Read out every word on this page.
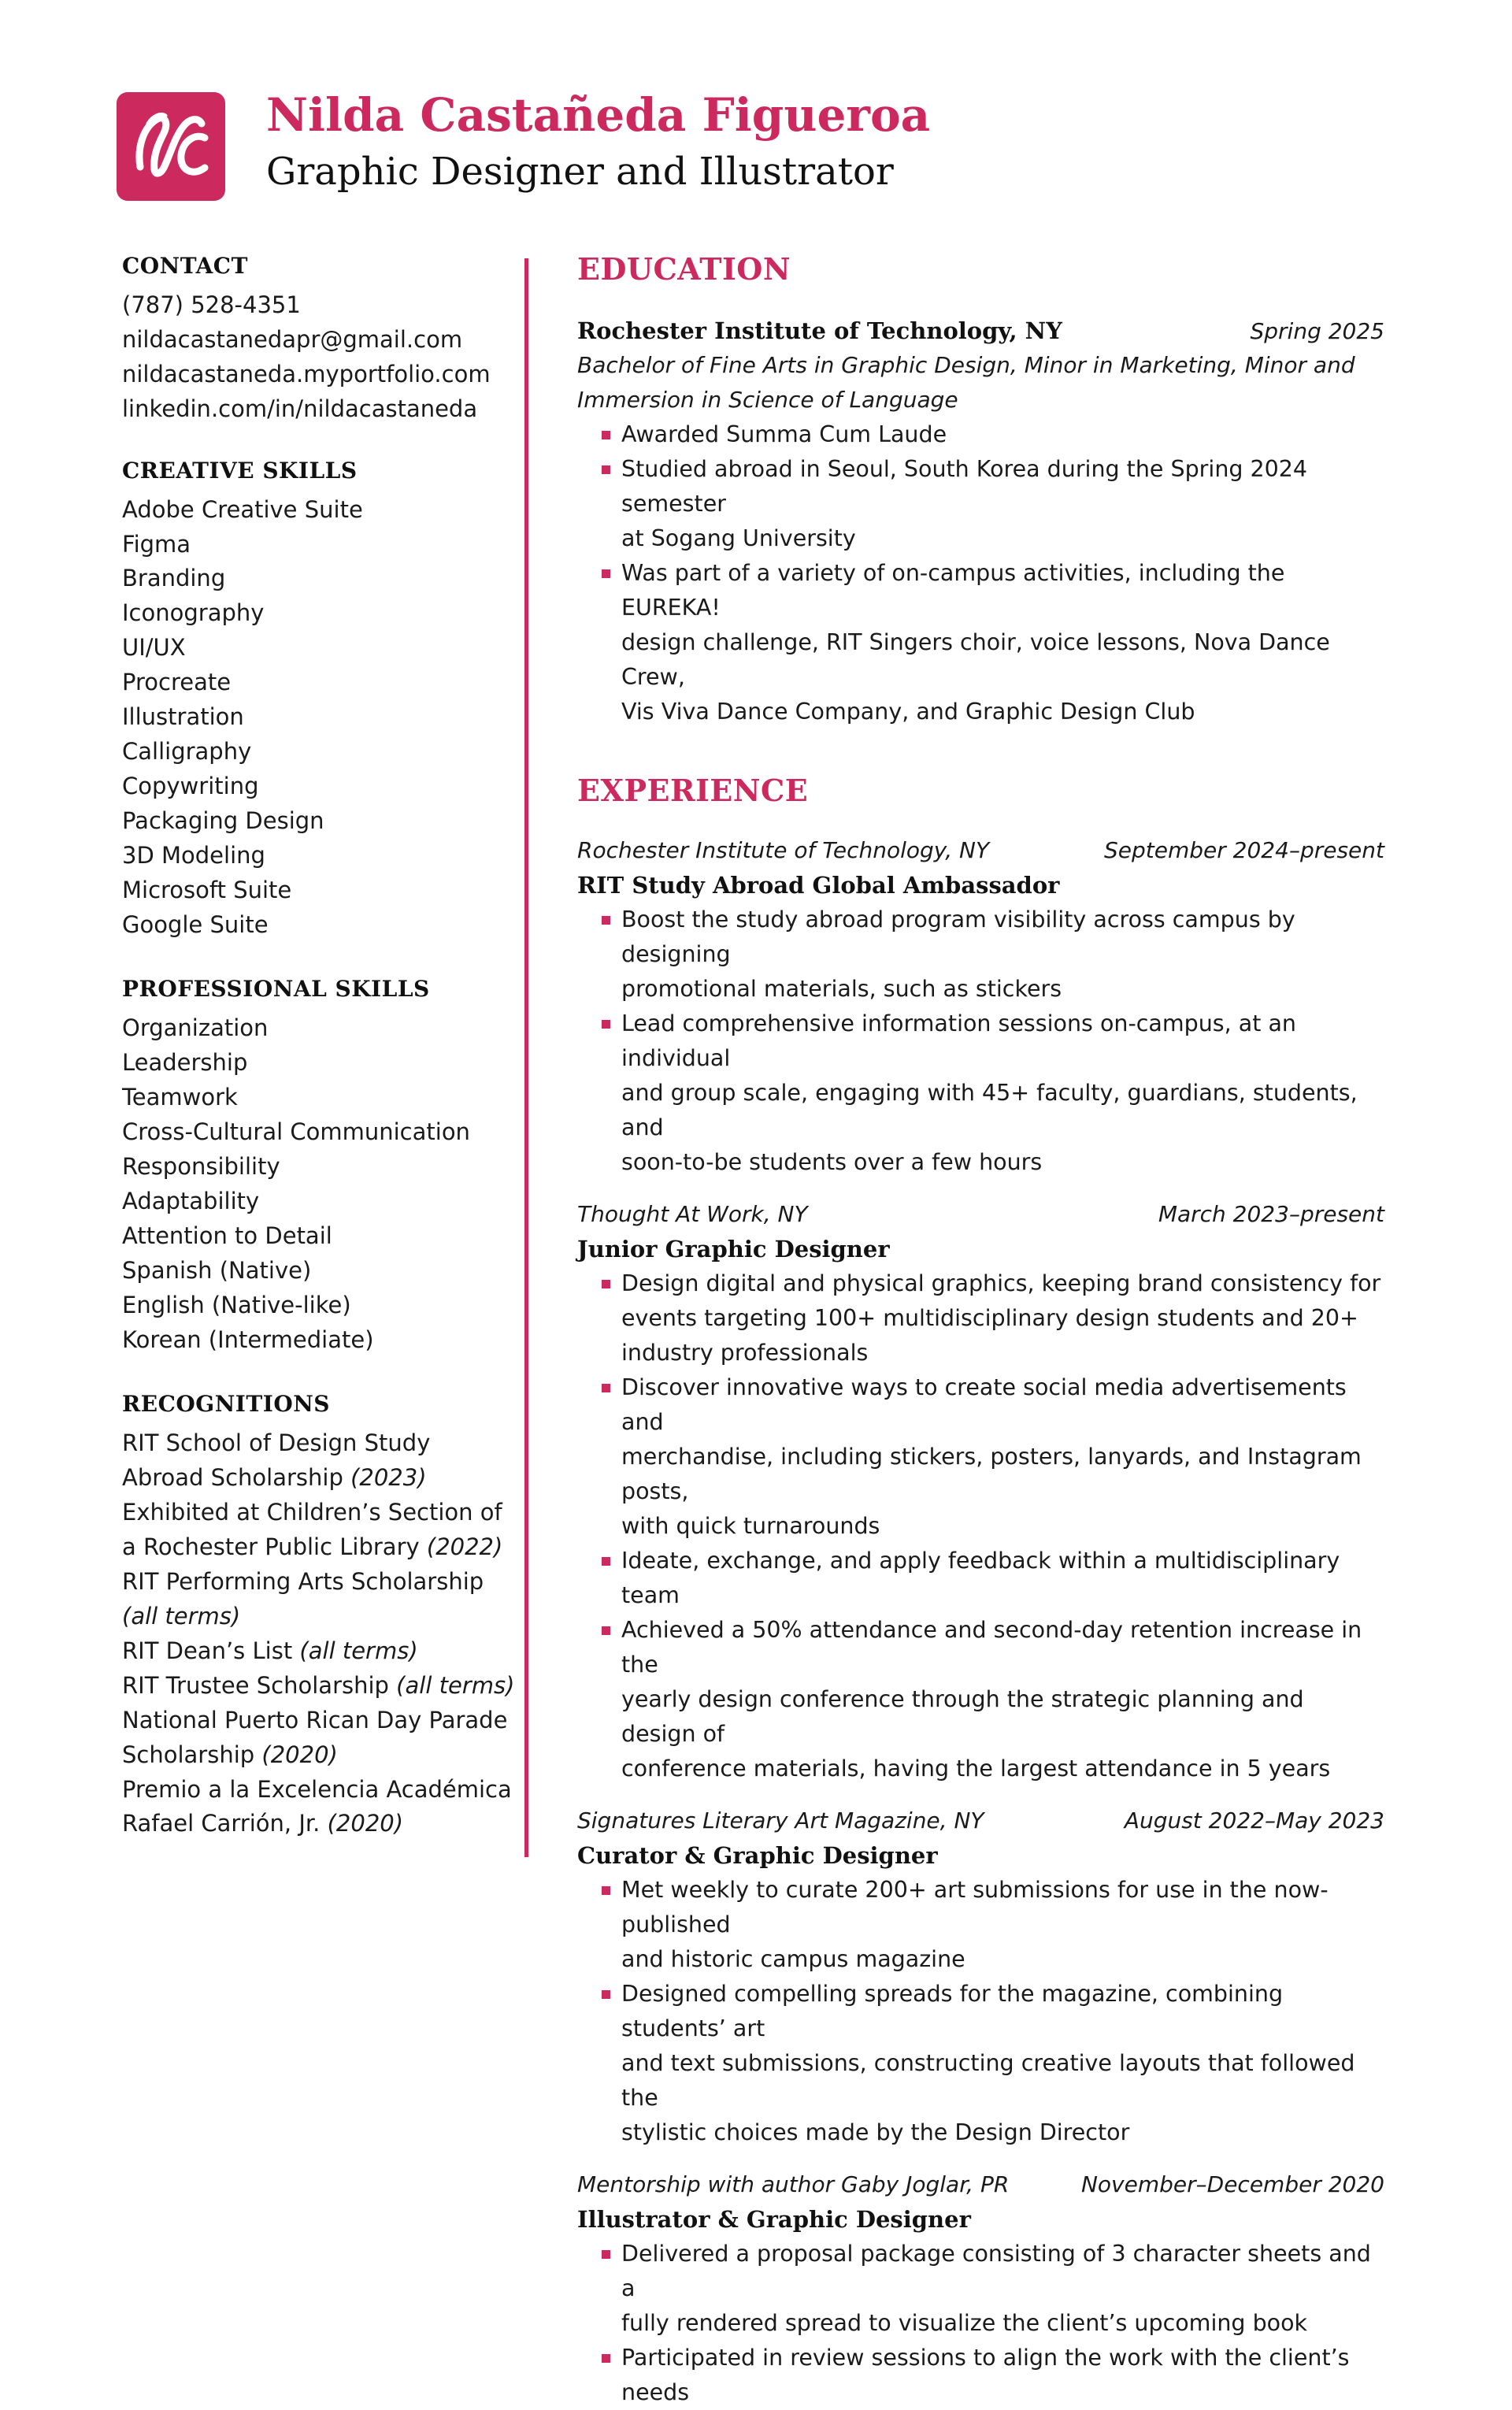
Nilda Castañeda Figueroa
Graphic Designer and Illustrator
CONTACT
(787) 528-4351
nildacastanedapr@gmail.com
nildacastaneda.myportfolio.com
linkedin.com/in/nildacastaneda
CREATIVE SKILLS
Adobe Creative Suite
Figma
Branding
Iconography
UI/UX
Procreate
Illustration
Calligraphy
Copywriting
Packaging Design
3D Modeling
Microsoft Suite
Google Suite
PROFESSIONAL SKILLS
Organization
Leadership
Teamwork
Cross-Cultural Communication
Responsibility
Adaptability
Attention to Detail
Spanish (Native)
English (Native-like)
Korean (Intermediate)
RECOGNITIONS
RIT School of Design Study
Abroad Scholarship (2023)
Exhibited at Children’s Section of
a Rochester Public Library (2022)
RIT Performing Arts Scholarship
(all terms)
RIT Dean’s List (all terms)
RIT Trustee Scholarship (all terms)
National Puerto Rican Day Parade
Scholarship (2020)
Premio a la Excelencia Académica
Rafael Carrión, Jr. (2020)
EDUCATION
Rochester Institute of Technology, NY	Spring 2025
Bachelor of Fine Arts in Graphic Design, Minor in Marketing, Minor and
Immersion in Science of Language
Awarded Summa Cum Laude
Studied abroad in Seoul, South Korea during the Spring 2024 semester
at Sogang University
Was part of a variety of on-campus activities, including the EUREKA!
design challenge, RIT Singers choir, voice lessons, Nova Dance Crew,
Vis Viva Dance Company, and Graphic Design Club
EXPERIENCE
Rochester Institute of Technology, NY	September 2024–present
RIT Study Abroad Global Ambassador
Boost the study abroad program visibility across campus by designing
promotional materials, such as stickers
Lead comprehensive information sessions on-campus, at an individual
and group scale, engaging with 45+ faculty, guardians, students, and
soon-to-be students over a few hours
Thought At Work, NY	March 2023–present
Junior Graphic Designer
Design digital and physical graphics, keeping brand consistency for
events targeting 100+ multidisciplinary design students and 20+
industry professionals
Discover innovative ways to create social media advertisements and
merchandise, including stickers, posters, lanyards, and Instagram posts,
with quick turnarounds
Ideate, exchange, and apply feedback within a multidisciplinary team
Achieved a 50% attendance and second-day retention increase in the
yearly design conference through the strategic planning and design of
conference materials, having the largest attendance in 5 years
Signatures Literary Art Magazine, NY	August 2022–May 2023
Curator & Graphic Designer
Met weekly to curate 200+ art submissions for use in the now-published
and historic campus magazine
Designed compelling spreads for the magazine, combining students’ art
and text submissions, constructing creative layouts that followed the
stylistic choices made by the Design Director
Mentorship with author Gaby Joglar, PR	November–December 2020
Illustrator & Graphic Designer
Delivered a proposal package consisting of 3 character sheets and a
fully rendered spread to visualize the client’s upcoming book
Participated in review sessions to align the work with the client’s needs
